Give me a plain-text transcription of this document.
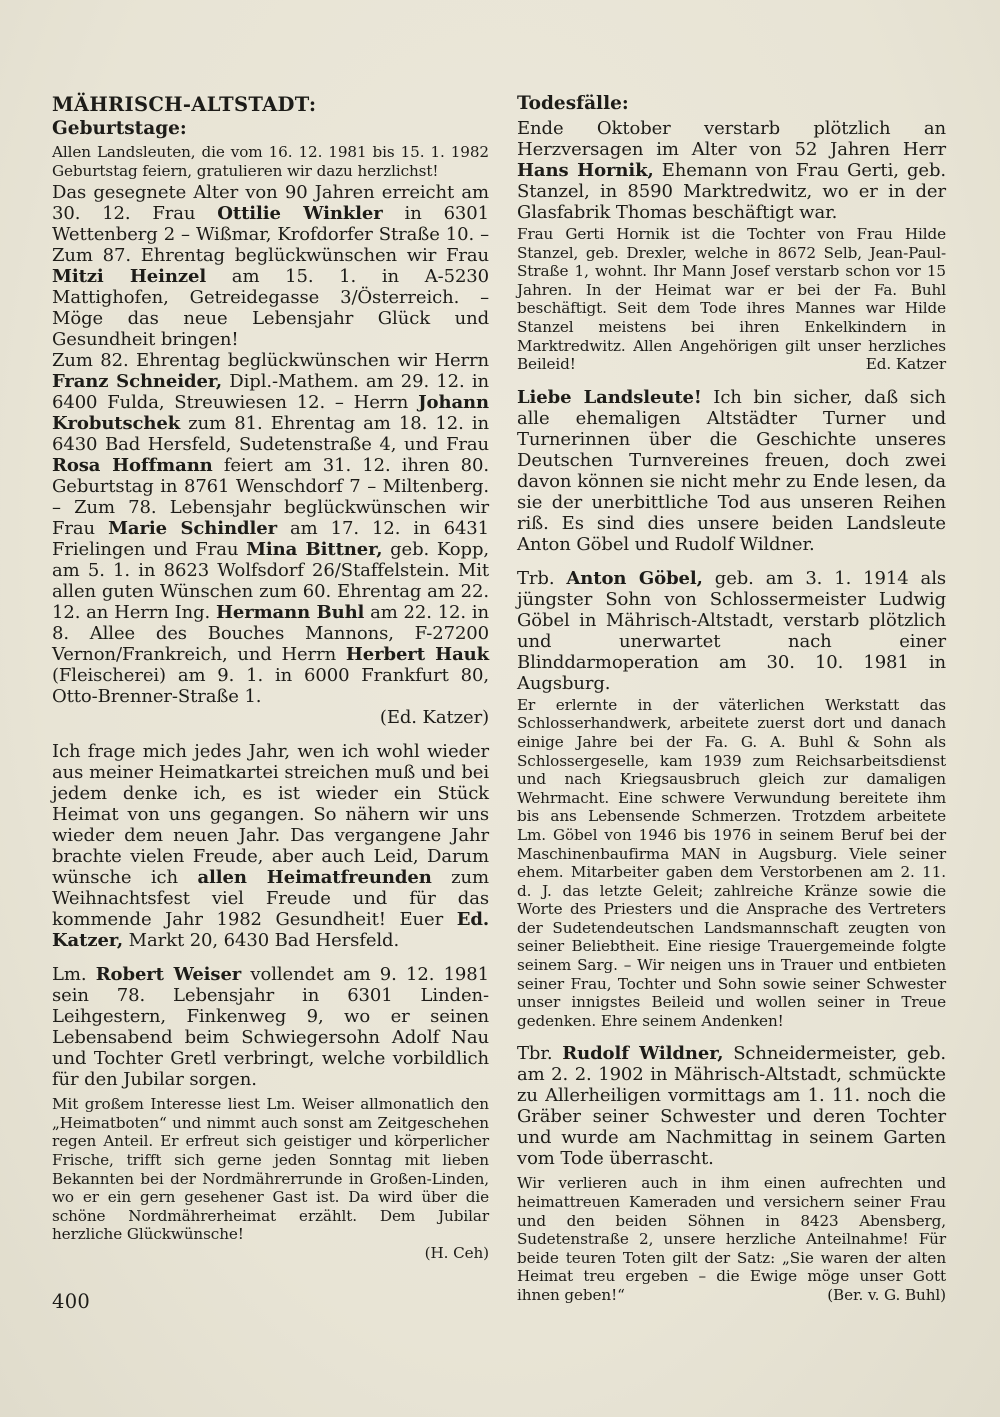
MÄHRISCH-ALTSTADT:
Geburtstage:

Allen Landsleuten, die vom 16. 12. 1981 bis 15. 1. 1982 Geburtstag feiern, gratulieren wir dazu herzlichst!

Das gesegnete Alter von 90 Jahren erreicht am 30. 12. Frau Ottilie Winkler in 6301 Wettenberg 2 – Wißmar, Krofdorfer Straße 10. – Zum 87. Ehrentag beglückwünschen wir Frau Mitzi Heinzel am 15. 1. in A-5230 Mattighofen, Getreidegasse 3/Österreich. – Möge das neue Lebensjahr Glück und Gesundheit bringen!

Zum 82. Ehrentag beglückwünschen wir Herrn Franz Schneider, Dipl.-Mathem. am 29. 12. in 6400 Fulda, Streuwiesen 12. – Herrn Johann Krobutschek zum 81. Ehrentag am 18. 12. in 6430 Bad Hersfeld, Sudetenstraße 4, und Frau Rosa Hoffmann feiert am 31. 12. ihren 80. Geburtstag in 8761 Wenschdorf 7 – Miltenberg. – Zum 78. Lebensjahr beglückwünschen wir Frau Marie Schindler am 17. 12. in 6431 Frielingen und Frau Mina Bittner, geb. Kopp, am 5. 1. in 8623 Wolfsdorf 26/Staffelstein. Mit allen guten Wünschen zum 60. Ehrentag am 22. 12. an Herrn Ing. Hermann Buhl am 22. 12. in 8. Allee des Bouches Mannons, F-27200 Vernon/Frankreich, und Herrn Herbert Hauk (Fleischerei) am 9. 1. in 6000 Frankfurt 80, Otto-Brenner-Straße 1.

(Ed. Katzer)

Ich frage mich jedes Jahr, wen ich wohl wieder aus meiner Heimatkartei streichen muß und bei jedem denke ich, es ist wieder ein Stück Heimat von uns gegangen. So nähern wir uns wieder dem neuen Jahr. Das vergangene Jahr brachte vielen Freude, aber auch Leid, Darum wünsche ich allen Heimatfreunden zum Weihnachtsfest viel Freude und für das kommende Jahr 1982 Gesundheit! Euer Ed. Katzer, Markt 20, 6430 Bad Hersfeld.

Lm. Robert Weiser vollendet am 9. 12. 1981 sein 78. Lebensjahr in 6301 Linden-Leihgestern, Finkenweg 9, wo er seinen Lebensabend beim Schwiegersohn Adolf Nau und Tochter Gretl verbringt, welche vorbildlich für den Jubilar sorgen.

Mit großem Interesse liest Lm. Weiser allmonatlich den „Heimatboten“ und nimmt auch sonst am Zeitgeschehen regen Anteil. Er erfreut sich geistiger und körperlicher Frische, trifft sich gerne jeden Sonntag mit lieben Bekannten bei der Nordmährerrunde in Großen-Linden, wo er ein gern gesehener Gast ist. Da wird über die schöne Nordmährerheimat erzählt. Dem Jubilar herzliche Glückwünsche!

(H. Ceh)

Todesfälle:

Ende Oktober verstarb plötzlich an Herzversagen im Alter von 52 Jahren Herr Hans Hornik, Ehemann von Frau Gerti, geb. Stanzel, in 8590 Marktredwitz, wo er in der Glasfabrik Thomas beschäftigt war.

Frau Gerti Hornik ist die Tochter von Frau Hilde Stanzel, geb. Drexler, welche in 8672 Selb, Jean-Paul-Straße 1, wohnt. Ihr Mann Josef verstarb schon vor 15 Jahren. In der Heimat war er bei der Fa. Buhl beschäftigt. Seit dem Tode ihres Mannes war Hilde Stanzel meistens bei ihren Enkelkindern in Marktredwitz. Allen Angehörigen gilt unser herzliches Beileid!	Ed. Katzer

Liebe Landsleute! Ich bin sicher, daß sich alle ehemaligen Altstädter Turner und Turnerinnen über die Geschichte unseres Deutschen Turnvereines freuen, doch zwei davon können sie nicht mehr zu Ende lesen, da sie der unerbittliche Tod aus unseren Reihen riß. Es sind dies unsere beiden Landsleute Anton Göbel und Rudolf Wildner.

Trb. Anton Göbel, geb. am 3. 1. 1914 als jüngster Sohn von Schlossermeister Ludwig Göbel in Mährisch-Altstadt, verstarb plötzlich und unerwartet nach einer Blinddarmoperation am 30. 10. 1981 in Augsburg.

Er erlernte in der väterlichen Werkstatt das Schlosserhandwerk, arbeitete zuerst dort und danach einige Jahre bei der Fa. G. A. Buhl & Sohn als Schlossergeselle, kam 1939 zum Reichsarbeitsdienst und nach Kriegsausbruch gleich zur damaligen Wehrmacht. Eine schwere Verwundung bereitete ihm bis ans Lebensende Schmerzen. Trotzdem arbeitete Lm. Göbel von 1946 bis 1976 in seinem Beruf bei der Maschinenbaufirma MAN in Augsburg. Viele seiner ehem. Mitarbeiter gaben dem Verstorbenen am 2. 11. d. J. das letzte Geleit; zahlreiche Kränze sowie die Worte des Priesters und die Ansprache des Vertreters der Sudetendeutschen Landsmannschaft zeugten von seiner Beliebtheit. Eine riesige Trauergemeinde folgte seinem Sarg. – Wir neigen uns in Trauer und entbieten seiner Frau, Tochter und Sohn sowie seiner Schwester unser innigstes Beileid und wollen seiner in Treue gedenken. Ehre seinem Andenken!

Tbr. Rudolf Wildner, Schneidermeister, geb. am 2. 2. 1902 in Mährisch-Altstadt, schmückte zu Allerheiligen vormittags am 1. 11. noch die Gräber seiner Schwester und deren Tochter und wurde am Nachmittag in seinem Garten vom Tode überrascht.

Wir verlieren auch in ihm einen aufrechten und heimattreuen Kameraden und versichern seiner Frau und den beiden Söhnen in 8423 Abensberg, Sudetenstraße 2, unsere herzliche Anteilnahme! Für beide teuren Toten gilt der Satz: „Sie waren der alten Heimat treu ergeben – die Ewige möge unser Gott ihnen geben!“	(Ber. v. G. Buhl)

400
